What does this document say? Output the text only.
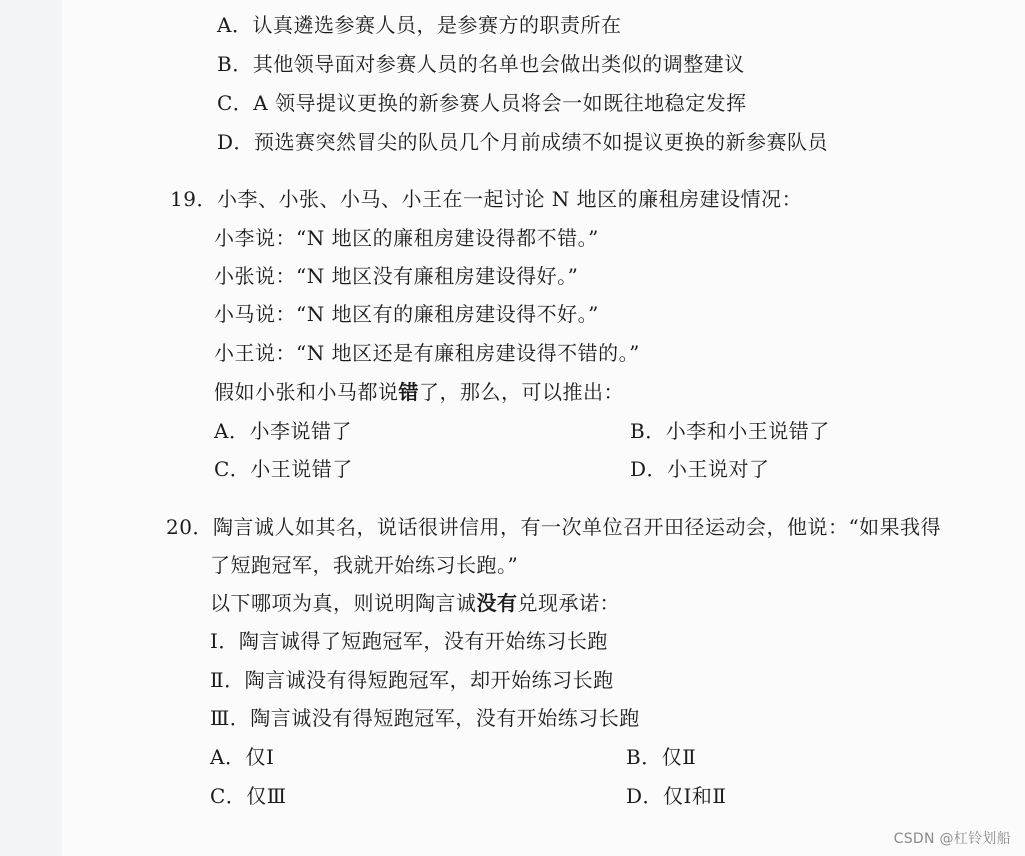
A．认真遴选参赛人员，是参赛方的职责所在
B．其他领导面对参赛人员的名单也会做出类似的调整建议
C．A 领导提议更换的新参赛人员将会一如既往地稳定发挥
D．预选赛突然冒尖的队员几个月前成绩不如提议更换的新参赛队员
19．小李、小张、小马、小王在一起讨论 N 地区的廉租房建设情况：
小李说：“N 地区的廉租房建设得都不错。”
小张说：“N 地区没有廉租房建设得好。”
小马说：“N 地区有的廉租房建设得不好。”
小王说：“N 地区还是有廉租房建设得不错的。”
假如小张和小马都说错了，那么，可以推出：
A．小李说错了	B．小李和小王说错了
C．小王说错了	D．小王说对了
20．陶言诚人如其名，说话很讲信用，有一次单位召开田径运动会，他说：“如果我得
了短跑冠军，我就开始练习长跑。”
以下哪项为真，则说明陶言诚没有兑现承诺：
Ⅰ．陶言诚得了短跑冠军，没有开始练习长跑
Ⅱ．陶言诚没有得短跑冠军，却开始练习长跑
Ⅲ．陶言诚没有得短跑冠军，没有开始练习长跑
A．仅Ⅰ	B．仅Ⅱ
C．仅Ⅲ	D．仅Ⅰ和Ⅱ
CSDN @杠铃划船
